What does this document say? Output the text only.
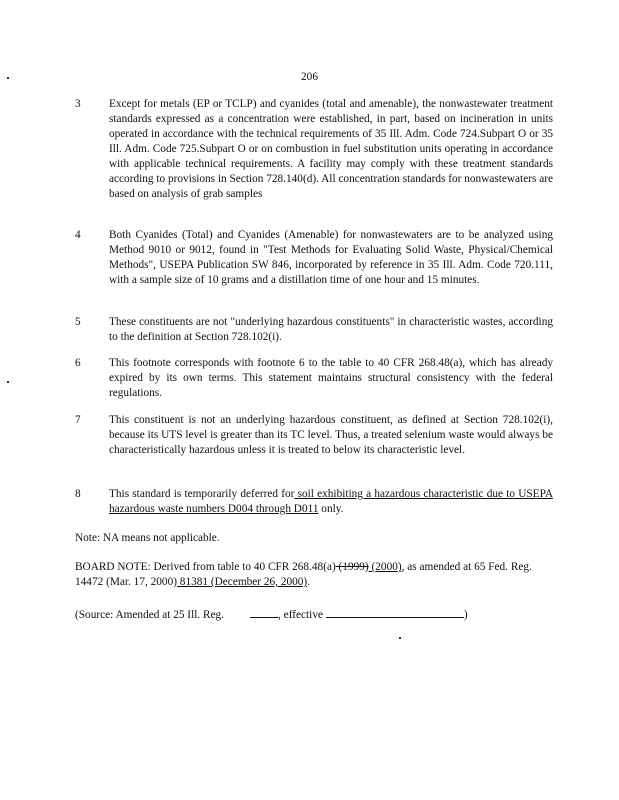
206
3	Except for metals (EP or TCLP) and cyanides (total and amenable), the nonwastewater treatment standards expressed as a concentration were established, in part, based on incineration in units operated in accordance with the technical requirements of 35 Ill. Adm. Code 724.Subpart O or 35 Ill. Adm. Code 725.Subpart O or on combustion in fuel substitution units operating in accordance with applicable technical requirements. A facility may comply with these treatment standards according to provisions in Section 728.140(d). All concentration standards for nonwastewaters are based on analysis of grab samples
4	Both Cyanides (Total) and Cyanides (Amenable) for nonwastewaters are to be analyzed using Method 9010 or 9012, found in "Test Methods for Evaluating Solid Waste, Physical/Chemical Methods", USEPA Publication SW 846, incorporated by reference in 35 Ill. Adm. Code 720.111, with a sample size of 10 grams and a distillation time of one hour and 15 minutes.
5	These constituents are not "underlying hazardous constituents" in characteristic wastes, according to the definition at Section 728.102(i).
6	This footnote corresponds with footnote 6 to the table to 40 CFR 268.48(a), which has already expired by its own terms. This statement maintains structural consistency with the federal regulations.
7	This constituent is not an underlying hazardous constituent, as defined at Section 728.102(i), because its UTS level is greater than its TC level. Thus, a treated selenium waste would always be characteristically hazardous unless it is treated to below its characteristic level.
8	This standard is temporarily deferred for soil exhibiting a hazardous characteristic due to USEPA hazardous waste numbers D004 through D011 only.
Note: NA means not applicable.
BOARD NOTE: Derived from table to 40 CFR 268.48(a) (1999) (2000), as amended at 65 Fed. Reg. 14472 (Mar. 17, 2000) 81381 (December 26, 2000).
(Source: Amended at 25 Ill. Reg.	, effective	)
